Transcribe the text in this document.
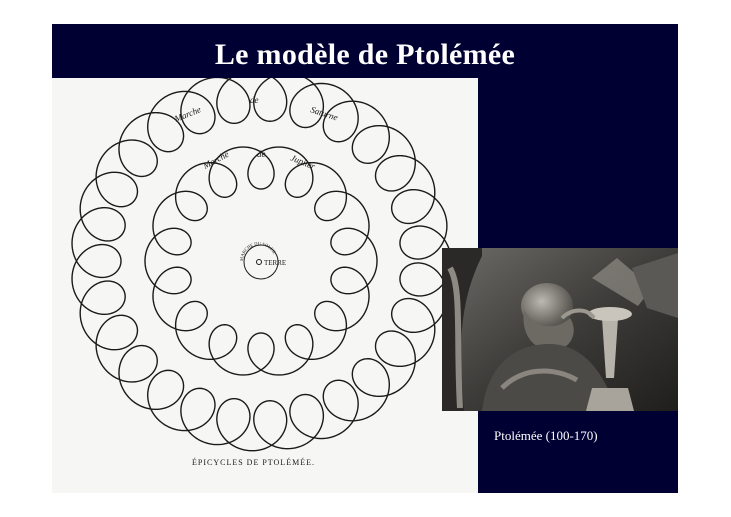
Le modèle de Ptolémée
Marche
de
Saturne
Marche	de	Jupiter
MARCHE DU SOLEIL
TERRE
ÉPICYCLES DE PTOLÉMÉE.
Ptolémée (100-170)
